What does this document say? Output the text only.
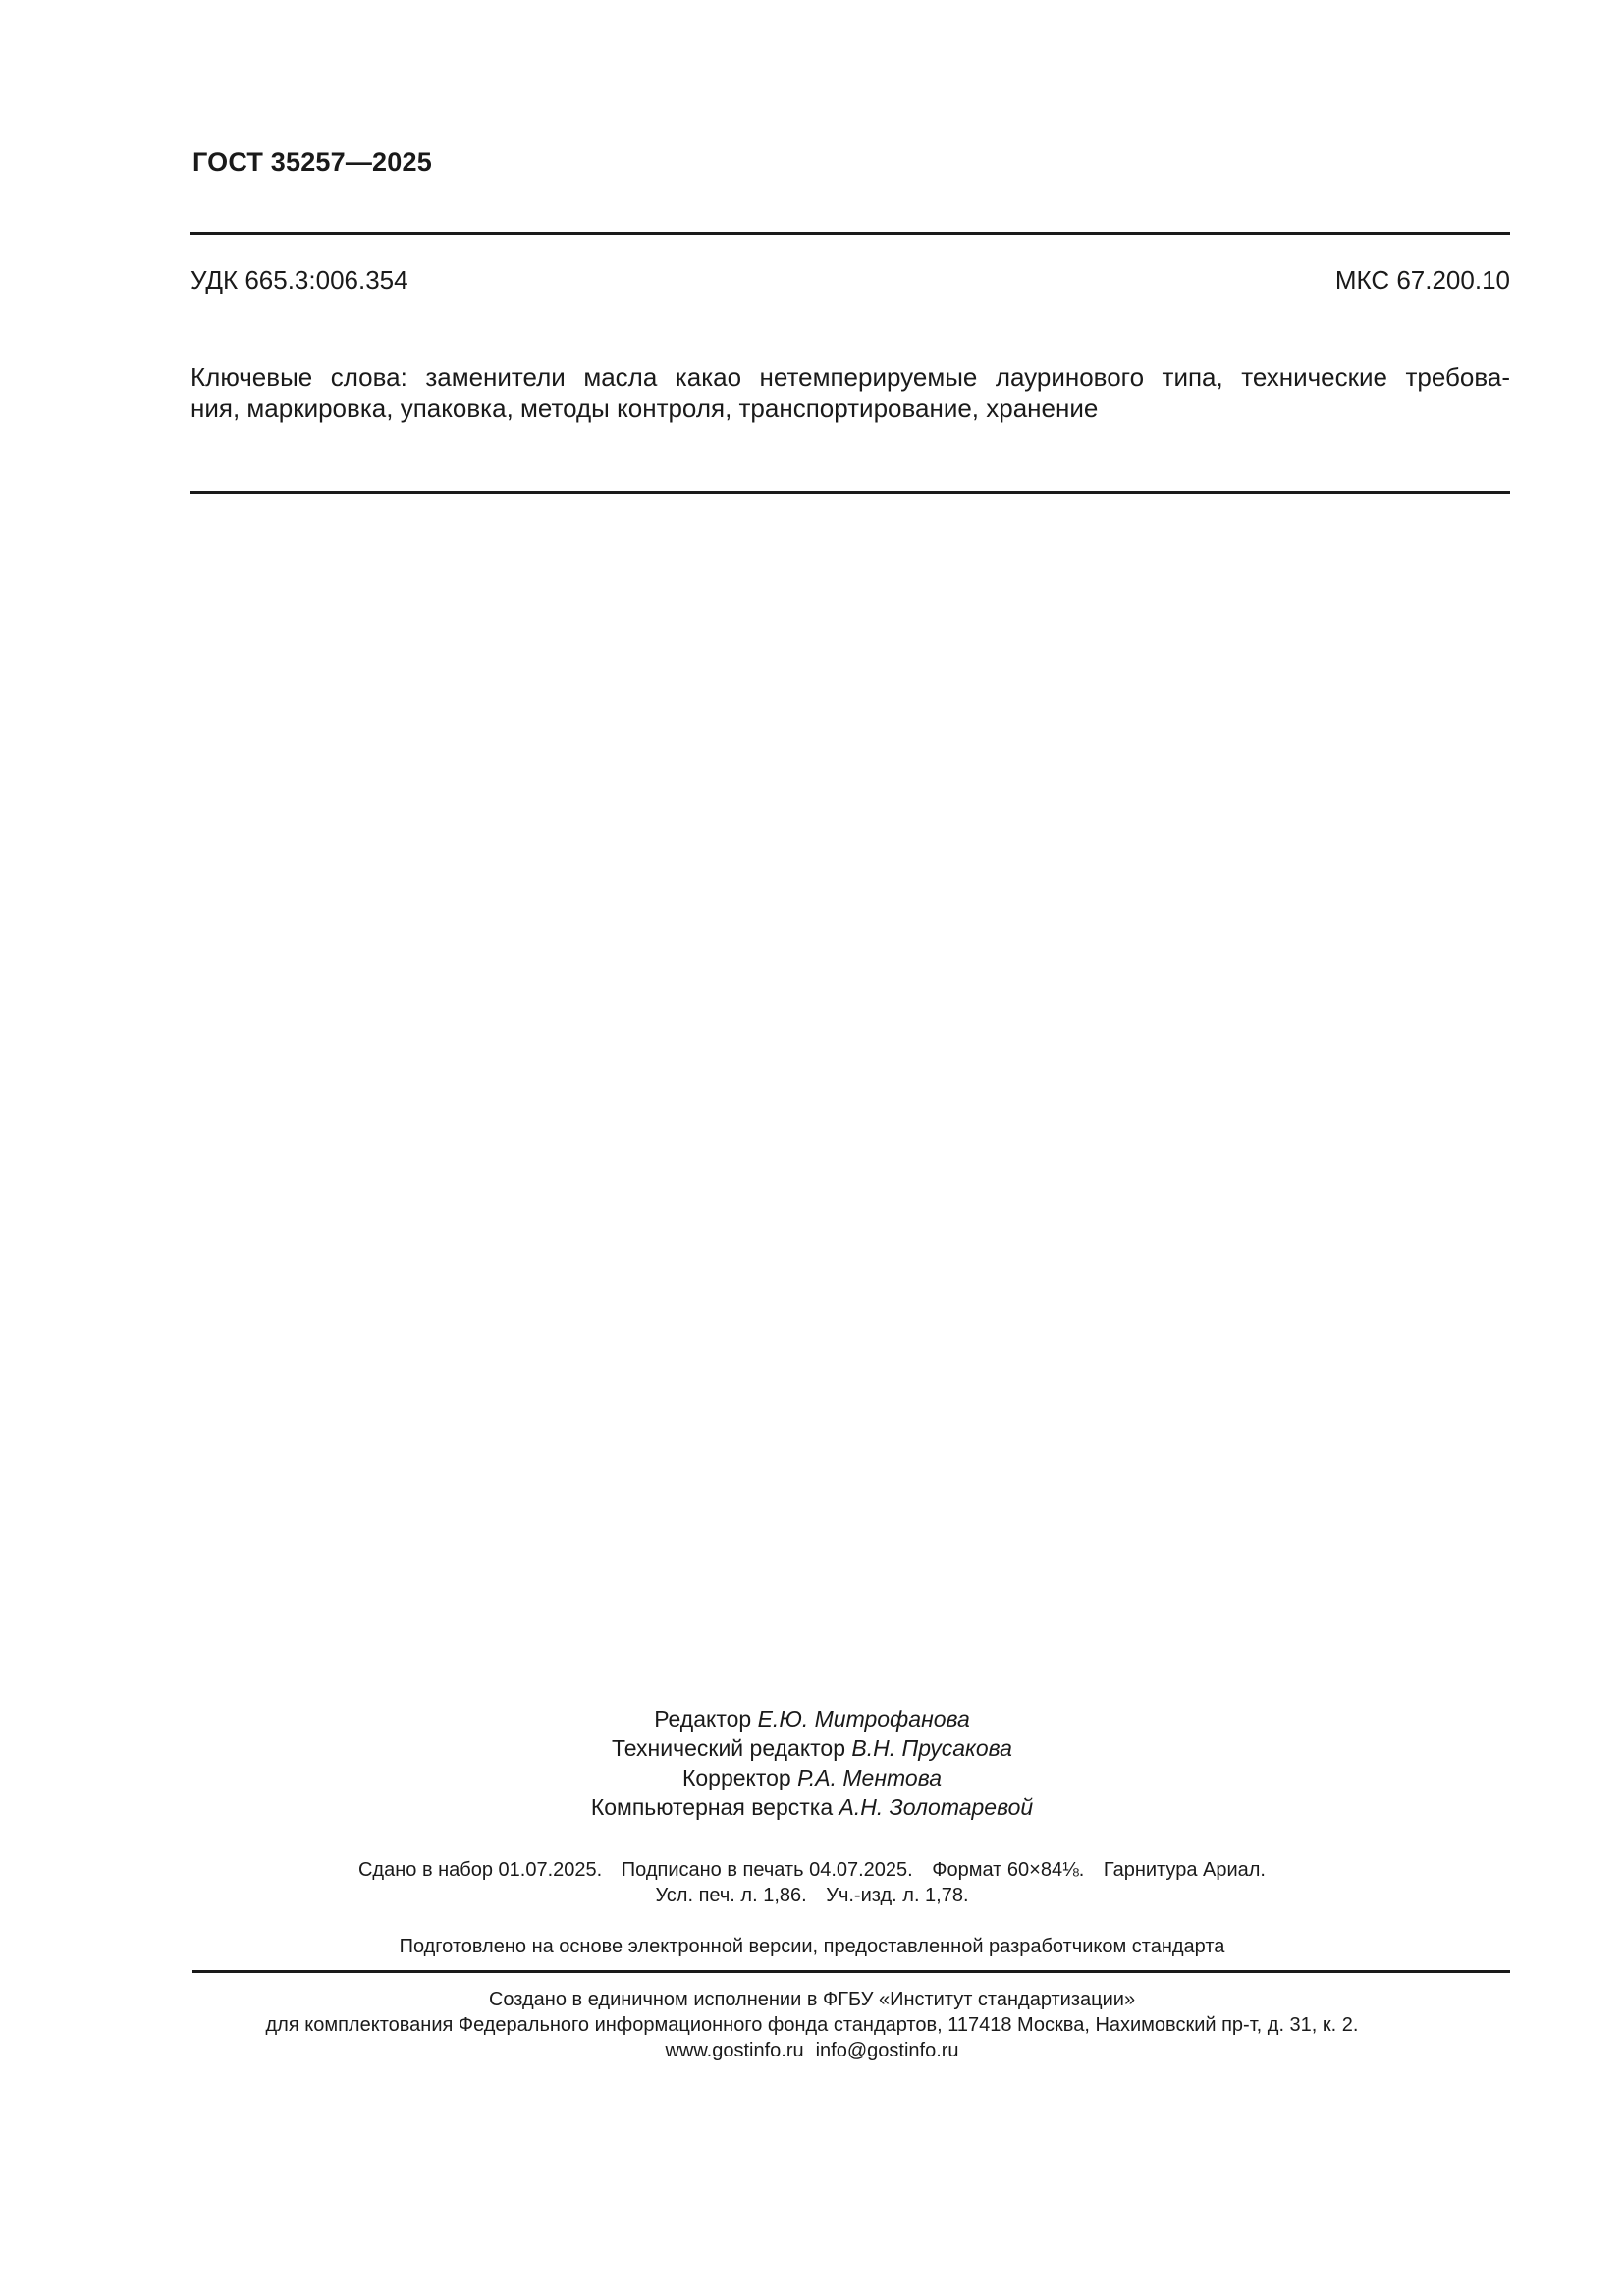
ГОСТ 35257—2025
УДК 665.3:006.354	МКС 67.200.10
Ключевые слова: заменители масла какао нетемперируемые лауринового типа, технические требова-
ния, маркировка, упаковка, методы контроля, транспортирование, хранение
Редактор Е.Ю. Митрофанова
Технический редактор В.Н. Прусакова
Корректор Р.А. Ментова
Компьютерная верстка А.Н. Золотаревой
Сдано в набор 01.07.2025. Подписано в печать 04.07.2025. Формат 60×84⅛. Гарнитура Ариал.
Усл. печ. л. 1,86. Уч.-изд. л. 1,78.
Подготовлено на основе электронной версии, предоставленной разработчиком стандарта
Создано в единичном исполнении в ФГБУ «Институт стандартизации»
для комплектования Федерального информационного фонда стандартов, 117418 Москва, Нахимовский пр-т, д. 31, к. 2.
www.gostinfo.ru info@gostinfo.ru
